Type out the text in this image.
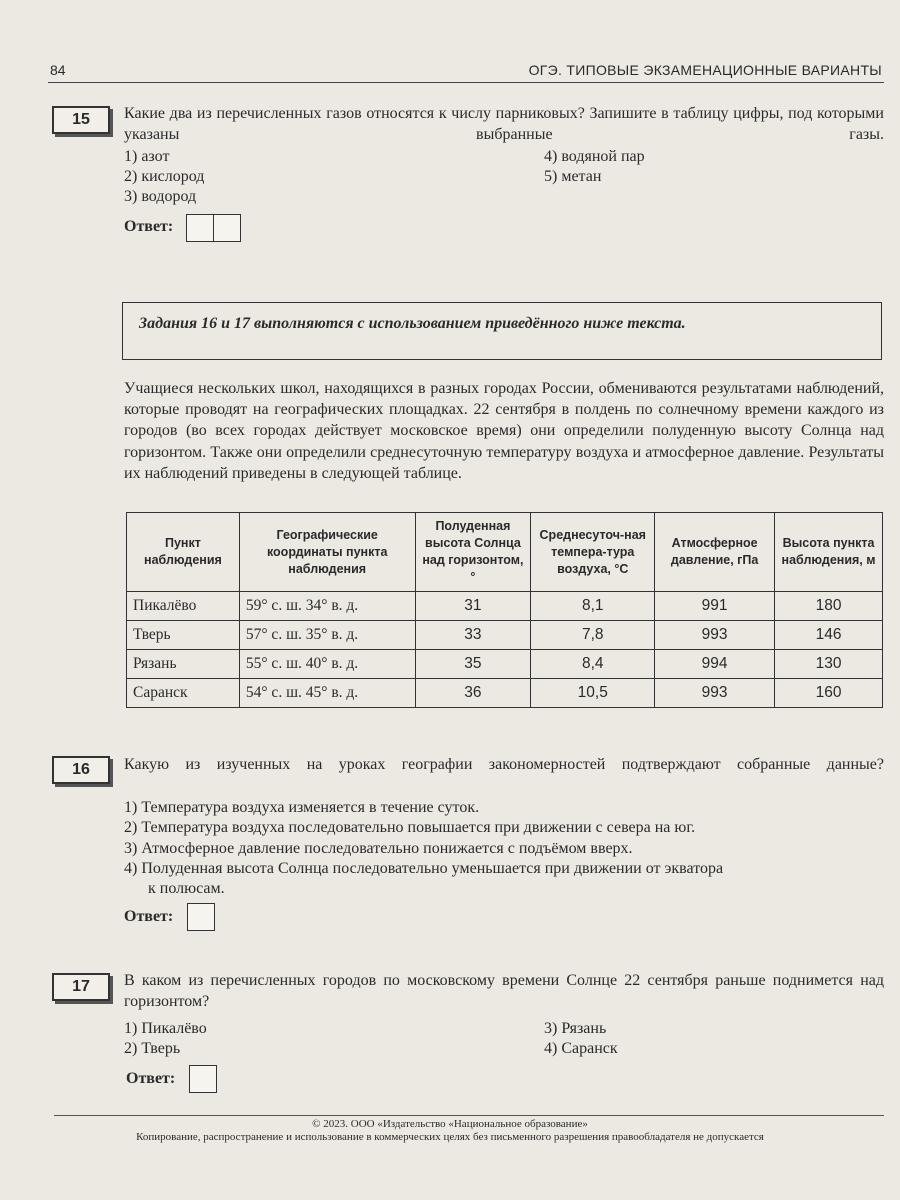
84	ОГЭ. ТИПОВЫЕ ЭКЗАМЕНАЦИОННЫЕ ВАРИАНТЫ
15	Какие два из перечисленных газов относятся к числу парниковых? Запишите в таблицу цифры, под которыми указаны выбранные газы.
1) азот
2) кислород
3) водород
4) водяной пар
5) метан
Ответ:
Задания 16 и 17 выполняются с использованием приведённого ниже текста.
Учащиеся нескольких школ, находящихся в разных городах России, обмениваются результатами наблюдений, которые проводят на географических площадках. 22 сентября в полдень по солнечному времени каждого из городов (во всех городах действует московское время) они определили полуденную высоту Солнца над горизонтом. Также они определили среднесуточную температуру воздуха и атмосферное давление. Результаты их наблюдений приведены в следующей таблице.
Пункт наблюдения	Географические координаты пункта наблюдения	Полуденная высота Солнца над горизонтом, °	Среднесуточ-ная темпера-тура воздуха, °С	Атмосферное давление, гПа	Высота пункта наблюдения, м
Пикалёво	59° с. ш. 34° в. д.	31	8,1	991	180
Тверь	57° с. ш. 35° в. д.	33	7,8	993	146
Рязань	55° с. ш. 40° в. д.	35	8,4	994	130
Саранск	54° с. ш. 45° в. д.	36	10,5	993	160
16	Какую из изученных на уроках географии закономерностей подтверждают собранные данные?
1) Температура воздуха изменяется в течение суток.
2) Температура воздуха последовательно повышается при движении с севера на юг.
3) Атмосферное давление последовательно понижается с подъёмом вверх.
4) Полуденная высота Солнца последовательно уменьшается при движении от экватора
к полюсам.
Ответ:
17	В каком из перечисленных городов по московскому времени Солнце 22 сентября раньше поднимется над горизонтом?
1) Пикалёво
2) Тверь
3) Рязань
4) Саранск
Ответ:
© 2023. ООО «Издательство «Национальное образование»
Копирование, распространение и использование в коммерческих целях без письменного разрешения правообладателя не допускается
